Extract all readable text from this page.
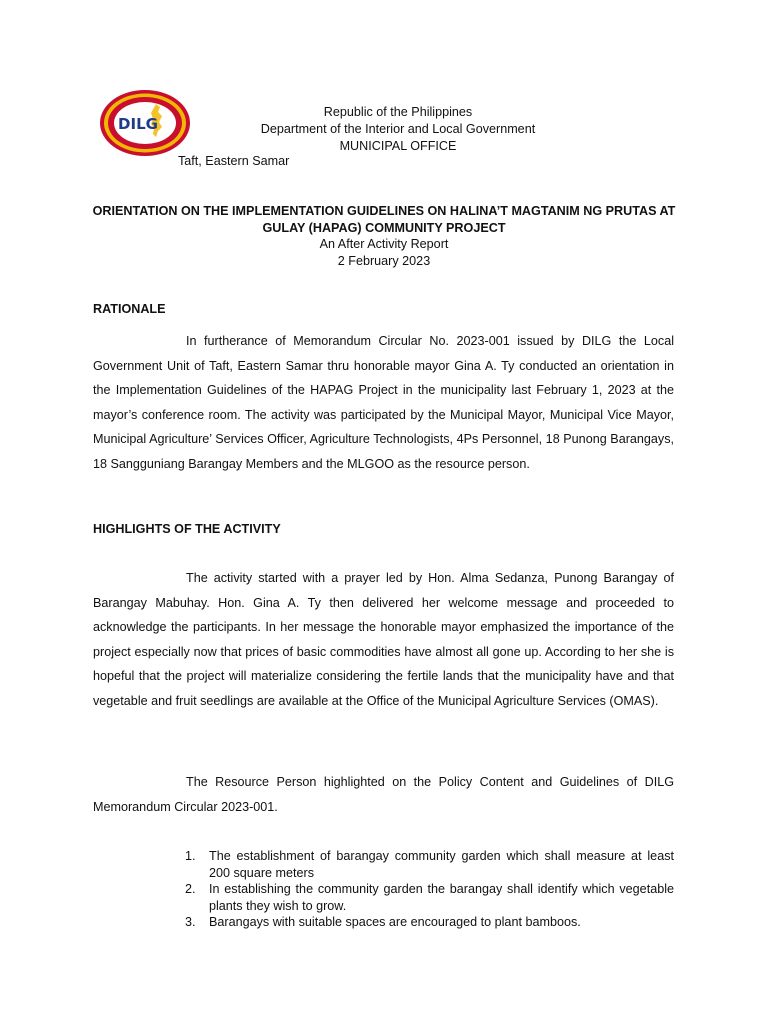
DILG
Republic of the Philippines
Department of the Interior and Local Government
MUNICIPAL OFFICE
Taft, Eastern Samar
ORIENTATION ON THE IMPLEMENTATION GUIDELINES ON HALINA’T MAGTANIM NG PRUTAS AT GULAY (HAPAG) COMMUNITY PROJECT
An After Activity Report
2 February 2023
RATIONALE

In furtherance of Memorandum Circular No. 2023-001 issued by DILG the Local Government Unit of Taft, Eastern Samar thru honorable mayor Gina A. Ty conducted an orientation in the Implementation Guidelines of the HAPAG Project in the municipality last February 1, 2023 at the mayor’s conference room. The activity was participated by the Municipal Mayor, Municipal Vice Mayor, Municipal Agriculture’ Services Officer, Agriculture Technologists, 4Ps Personnel, 18 Punong Barangays, 18 Sangguniang Barangay Members and the MLGOO as the resource person.

HIGHLIGHTS OF THE ACTIVITY

The activity started with a prayer led by Hon. Alma Sedanza, Punong Barangay of Barangay Mabuhay. Hon. Gina A. Ty then delivered her welcome message and proceeded to acknowledge the participants. In her message the honorable mayor emphasized the importance of the project especially now that prices of basic commodities have almost all gone up. According to her she is hopeful that the project will materialize considering the fertile lands that the municipality have and that vegetable and fruit seedlings are available at the Office of the Municipal Agriculture Services (OMAS).

The Resource Person highlighted on the Policy Content and Guidelines of DILG Memorandum Circular 2023-001.

1. The establishment of barangay community garden which shall measure at least 200 square meters
2. In establishing the community garden the barangay shall identify which vegetable plants they wish to grow.
3. Barangays with suitable spaces are encouraged to plant bamboos.
